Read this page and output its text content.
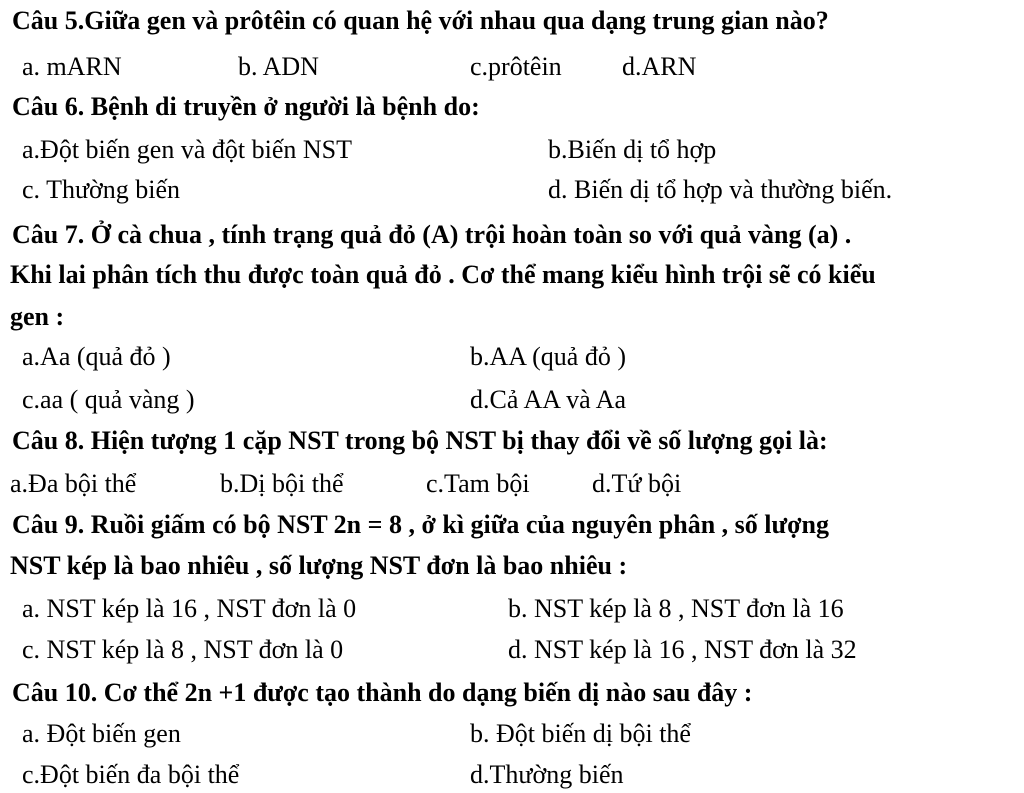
Câu 5.Giữa gen và prôtêin có quan hệ với nhau qua dạng trung gian nào?
a. mARN	b. ADN	c.prôtêin d.ARN
Câu 6. Bệnh di truyền ở người là bệnh do:
a.Đột biến gen và đột biến NST	b.Biến dị tổ hợp
c. Thường biến	d. Biến dị tổ hợp và thường biến.
Câu 7. Ở cà chua , tính trạng quả đỏ (A) trội hoàn toàn so với quả vàng (a) .
Khi lai phân tích thu được toàn quả đỏ . Cơ thể mang kiểu hình trội sẽ có kiểu
gen :
a.Aa (quả đỏ )	b.AA (quả đỏ )
c.aa ( quả vàng )	d.Cả AA và Aa
Câu 8. Hiện tượng 1 cặp NST trong bộ NST bị thay đổi về số lượng gọi là:
a.Đa bội thể	b.Dị bội thể	c.Tam bội d.Tứ bội
Câu 9. Ruồi giấm có bộ NST 2n = 8 , ở kì giữa của nguyên phân , số lượng
NST kép là bao nhiêu , số lượng NST đơn là bao nhiêu :
a. NST kép là 16 , NST đơn là 0	b. NST kép là 8 , NST đơn là 16
c. NST kép là 8 , NST đơn là 0	d. NST kép là 16 , NST đơn là 32
Câu 10. Cơ thể 2n +1 được tạo thành do dạng biến dị nào sau đây :
a. Đột biến gen	b. Đột biến dị bội thể
c.Đột biến đa bội thể	d.Thường biến
